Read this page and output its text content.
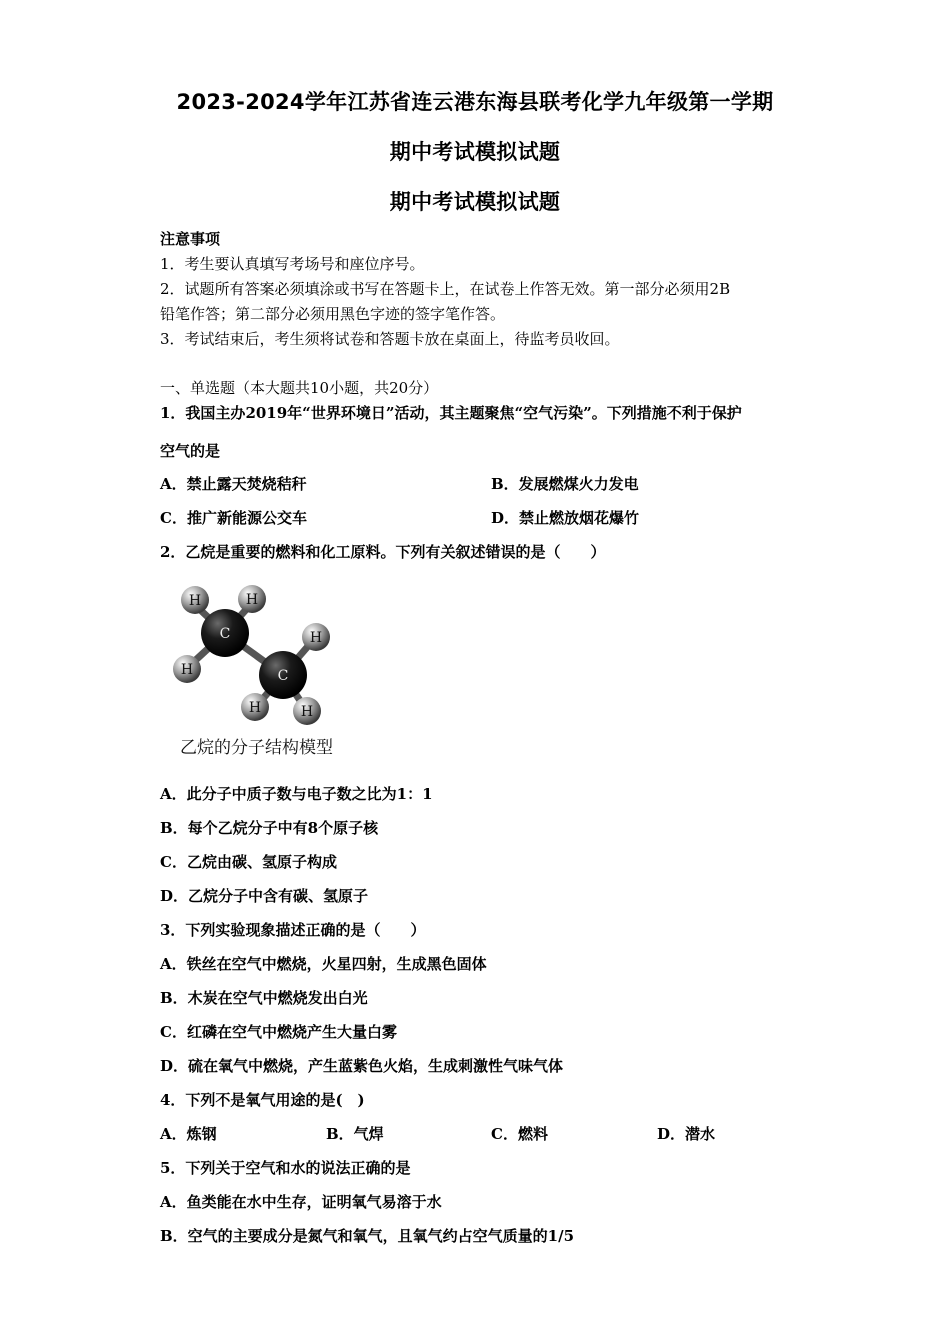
2023-2024学年江苏省连云港东海县联考化学九年级第一学期
期中考试模拟试题
期中考试模拟试题
注意事项
1．考生要认真填写考场号和座位序号。
2．试题所有答案必须填涂或书写在答题卡上，在试卷上作答无效。第一部分必须用2B
铅笔作答；第二部分必须用黑色字迹的签字笔作答。
3．考试结束后，考生须将试卷和答题卡放在桌面上，待监考员收回。
一、单选题（本大题共10小题，共20分）
1．我国主办2019年“世界环境日”活动，其主题聚焦“空气污染”。下列措施不利于保护
空气的是
A．禁止露天焚烧秸秆	B．发展燃煤火力发电
C．推广新能源公交车	D．禁止燃放烟花爆竹
2．乙烷是重要的燃料和化工原料。下列有关叙述错误的是（　　）
H	H
H
H
C
C
H	H
乙烷的分子结构模型
A．此分子中质子数与电子数之比为1：1
B．每个乙烷分子中有8个原子核
C．乙烷由碳、氢原子构成
D．乙烷分子中含有碳、氢原子
3．下列实验现象描述正确的是（　　）
A．铁丝在空气中燃烧，火星四射，生成黑色固体
B．木炭在空气中燃烧发出白光
C．红磷在空气中燃烧产生大量白雾
D．硫在氧气中燃烧，产生蓝紫色火焰，生成刺激性气味气体
4．下列不是氧气用途的是(　)
A．炼钢	B．气焊	C．燃料	D．潜水
5．下列关于空气和水的说法正确的是
A．鱼类能在水中生存，证明氧气易溶于水
B．空气的主要成分是氮气和氧气，且氧气约占空气质量的1/5
